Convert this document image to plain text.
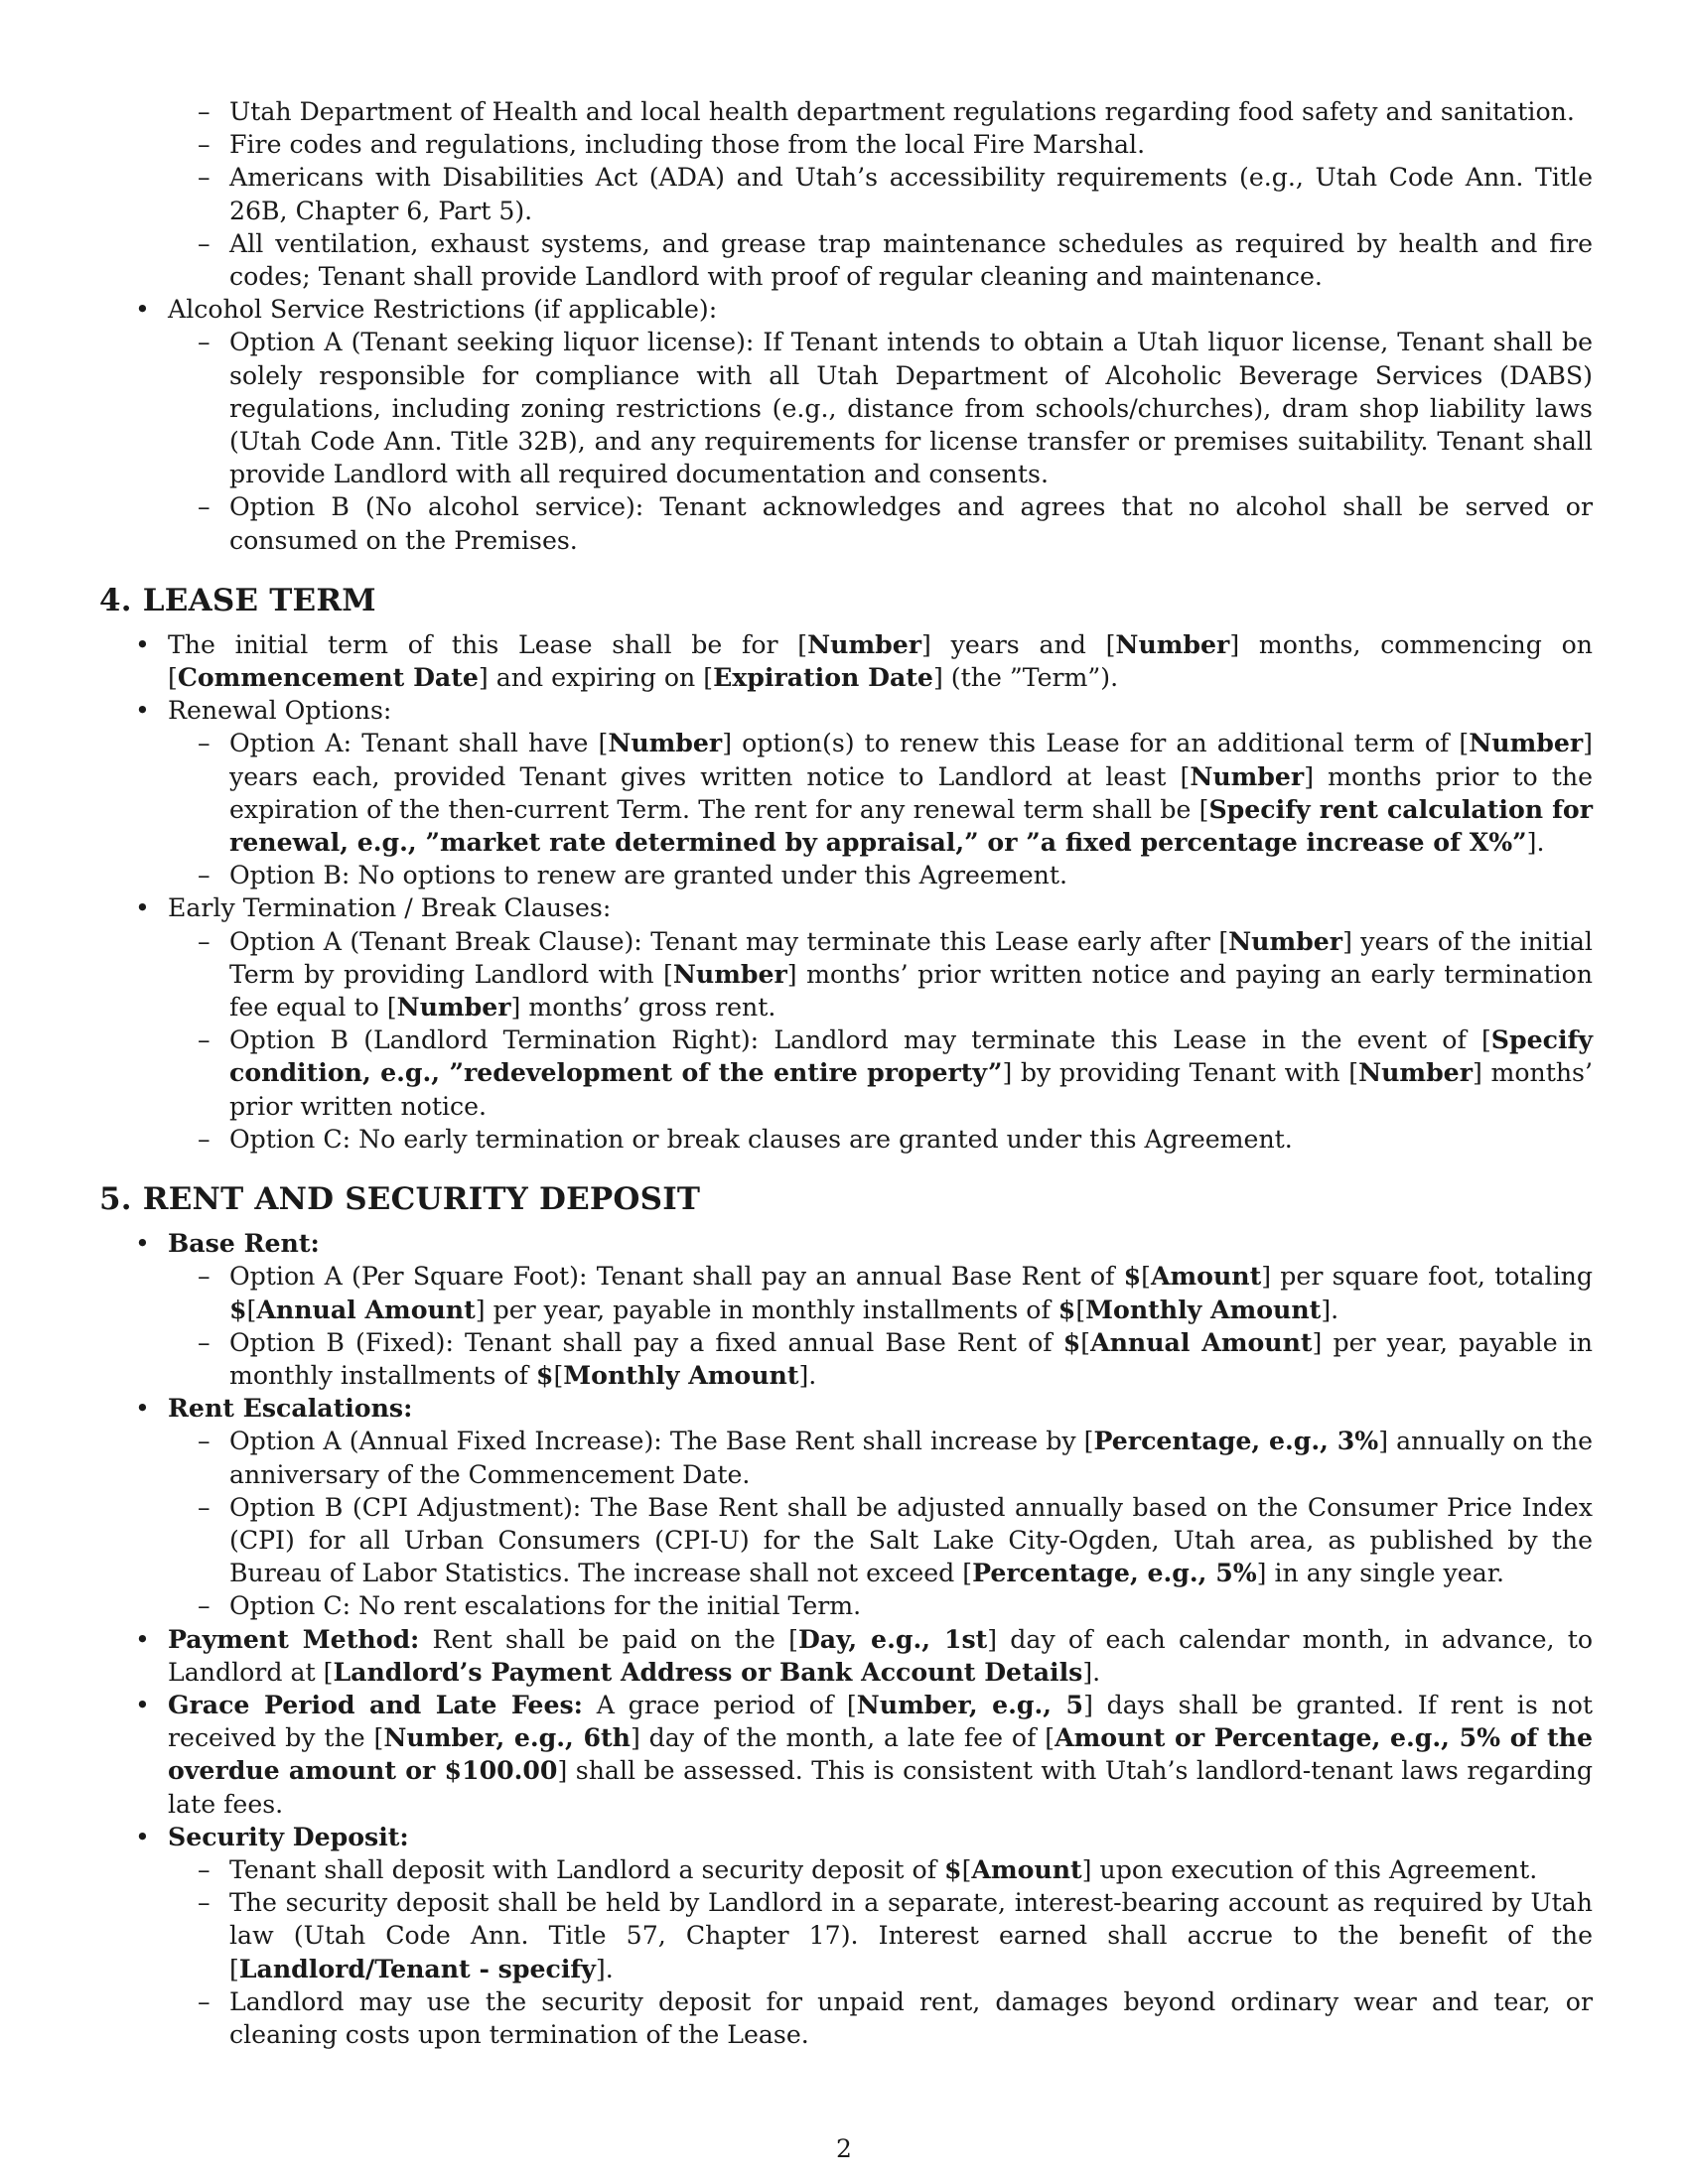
– Utah Department of Health and local health department regulations regarding food safety and sanitation.
– Fire codes and regulations, including those from the local Fire Marshal.
– Americans with Disabilities Act (ADA) and Utah’s accessibility requirements (e.g., Utah Code Ann. Title 26B, Chapter 6, Part 5).
– All ventilation, exhaust systems, and grease trap maintenance schedules as required by health and fire codes; Tenant shall provide Landlord with proof of regular cleaning and maintenance.
• Alcohol Service Restrictions (if applicable):
– Option A (Tenant seeking liquor license): If Tenant intends to obtain a Utah liquor license, Tenant shall be solely responsible for compliance with all Utah Department of Alcoholic Beverage Services (DABS) regulations, including zoning restrictions (e.g., distance from schools/churches), dram shop liability laws (Utah Code Ann. Title 32B), and any requirements for license transfer or premises suitability. Tenant shall provide Landlord with all required documentation and consents.
– Option B (No alcohol service): Tenant acknowledges and agrees that no alcohol shall be served or consumed on the Premises.
4. LEASE TERM
• The initial term of this Lease shall be for [Number] years and [Number] months, commencing on [Commencement Date] and expiring on [Expiration Date] (the ”Term”).
• Renewal Options:
– Option A: Tenant shall have [Number] option(s) to renew this Lease for an additional term of [Number] years each, provided Tenant gives written notice to Landlord at least [Number] months prior to the expiration of the then-current Term. The rent for any renewal term shall be [Specify rent calculation for renewal, e.g., ”market rate determined by appraisal,” or ”a fixed percentage increase of X%”].
– Option B: No options to renew are granted under this Agreement.
• Early Termination / Break Clauses:
– Option A (Tenant Break Clause): Tenant may terminate this Lease early after [Number] years of the initial Term by providing Landlord with [Number] months’ prior written notice and paying an early termination fee equal to [Number] months’ gross rent.
– Option B (Landlord Termination Right): Landlord may terminate this Lease in the event of [Specify condition, e.g., ”redevelopment of the entire property”] by providing Tenant with [Number] months’ prior written notice.
– Option C: No early termination or break clauses are granted under this Agreement.
5. RENT AND SECURITY DEPOSIT
• Base Rent:
– Option A (Per Square Foot): Tenant shall pay an annual Base Rent of $[Amount] per square foot, totaling $[Annual Amount] per year, payable in monthly installments of $[Monthly Amount].
– Option B (Fixed): Tenant shall pay a fixed annual Base Rent of $[Annual Amount] per year, payable in monthly installments of $[Monthly Amount].
• Rent Escalations:
– Option A (Annual Fixed Increase): The Base Rent shall increase by [Percentage, e.g., 3%] annually on the anniversary of the Commencement Date.
– Option B (CPI Adjustment): The Base Rent shall be adjusted annually based on the Consumer Price Index (CPI) for all Urban Consumers (CPI-U) for the Salt Lake City-Ogden, Utah area, as published by the Bureau of Labor Statistics. The increase shall not exceed [Percentage, e.g., 5%] in any single year.
– Option C: No rent escalations for the initial Term.
• Payment Method: Rent shall be paid on the [Day, e.g., 1st] day of each calendar month, in advance, to Landlord at [Landlord’s Payment Address or Bank Account Details].
• Grace Period and Late Fees: A grace period of [Number, e.g., 5] days shall be granted. If rent is not received by the [Number, e.g., 6th] day of the month, a late fee of [Amount or Percentage, e.g., 5% of the overdue amount or $100.00] shall be assessed. This is consistent with Utah’s landlord-tenant laws regarding late fees.
• Security Deposit:
– Tenant shall deposit with Landlord a security deposit of $[Amount] upon execution of this Agreement.
– The security deposit shall be held by Landlord in a separate, interest-bearing account as required by Utah law (Utah Code Ann. Title 57, Chapter 17). Interest earned shall accrue to the benefit of the [Landlord/Tenant - specify].
– Landlord may use the security deposit for unpaid rent, damages beyond ordinary wear and tear, or cleaning costs upon termination of the Lease.
2
